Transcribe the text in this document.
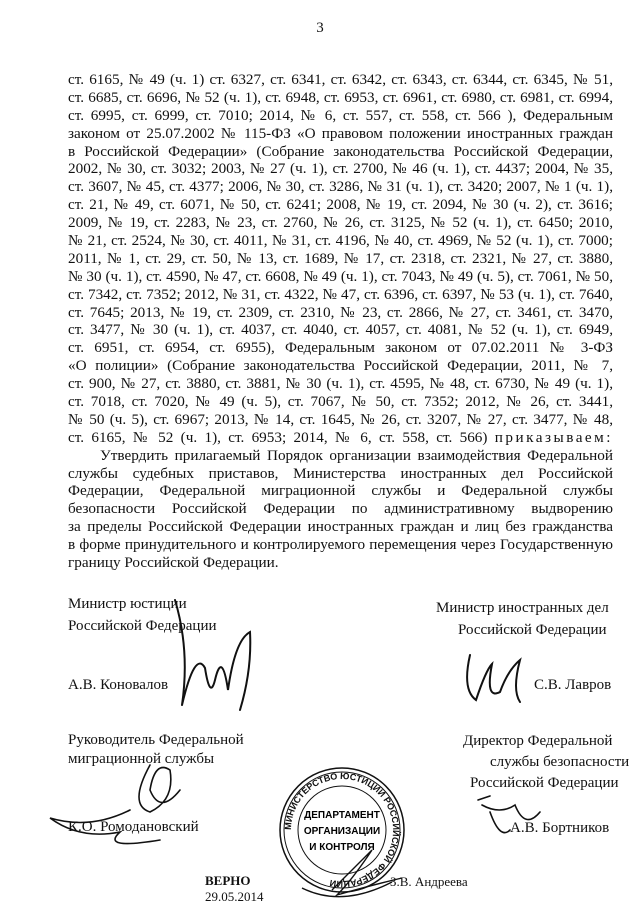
3
ст. 6165, № 49 (ч. 1) ст. 6327, ст. 6341, ст. 6342, ст. 6343, ст. 6344, ст. 6345, № 51,
ст. 6685, ст. 6696, № 52 (ч. 1), ст. 6948, ст. 6953, ст. 6961, ст. 6980, ст. 6981, ст. 6994,
ст. 6995, ст. 6999, ст. 7010; 2014, № 6, ст. 557, ст. 558, ст. 566 ), Федеральным
законом от 25.07.2002 № 115-ФЗ «О правовом положении иностранных граждан
в Российской Федерации» (Собрание законодательства Российской Федерации,
2002, № 30, ст. 3032; 2003, № 27 (ч. 1), ст. 2700, № 46 (ч. 1), ст. 4437; 2004, № 35,
ст. 3607, № 45, ст. 4377; 2006, № 30, ст. 3286, № 31 (ч. 1), ст. 3420; 2007, № 1 (ч. 1),
ст. 21, № 49, ст. 6071, № 50, ст. 6241; 2008, № 19, ст. 2094, № 30 (ч. 2), ст. 3616;
2009, № 19, ст. 2283, № 23, ст. 2760, № 26, ст. 3125, № 52 (ч. 1), ст. 6450; 2010,
№ 21, ст. 2524, № 30, ст. 4011, № 31, ст. 4196, № 40, ст. 4969, № 52 (ч. 1), ст. 7000;
2011, № 1, ст. 29, ст. 50, № 13, ст. 1689, № 17, ст. 2318, ст. 2321, № 27, ст. 3880,
№ 30 (ч. 1), ст. 4590, № 47, ст. 6608, № 49 (ч. 1), ст. 7043, № 49 (ч. 5), ст. 7061, № 50,
ст. 7342, ст. 7352; 2012, № 31, ст. 4322, № 47, ст. 6396, ст. 6397, № 53 (ч. 1), ст. 7640,
ст. 7645; 2013, № 19, ст. 2309, ст. 2310, № 23, ст. 2866, № 27, ст. 3461, ст. 3470,
ст. 3477, № 30 (ч. 1), ст. 4037, ст. 4040, ст. 4057, ст. 4081, № 52 (ч. 1), ст. 6949,
ст. 6951, ст. 6954, ст. 6955), Федеральным законом от 07.02.2011 № 3-ФЗ
«О полиции» (Собрание законодательства Российской Федерации, 2011, № 7,
ст. 900, № 27, ст. 3880, ст. 3881, № 30 (ч. 1), ст. 4595, № 48, ст. 6730, № 49 (ч. 1),
ст. 7018, ст. 7020, № 49 (ч. 5), ст. 7067, № 50, ст. 7352; 2012, № 26, ст. 3441,
№ 50 (ч. 5), ст. 6967; 2013, № 14, ст. 1645, № 26, ст. 3207, № 27, ст. 3477, № 48,
ст. 6165, № 52 (ч. 1), ст. 6953; 2014, № 6, ст. 558, ст. 566) приказываем:
Утвердить прилагаемый Порядок организации взаимодействия Федеральной
службы судебных приставов, Министерства иностранных дел Российской
Федерации, Федеральной миграционной службы и Федеральной службы
безопасности Российской Федерации по административному выдворению
за пределы Российской Федерации иностранных граждан и лиц без гражданства
в форме принудительного и контролируемого перемещения через Государственную
границу Российской Федерации.
Министр юстиции
Российской Федерации
А.В. Коновалов
Министр иностранных дел
Российской Федерации
С.В. Лавров
Руководитель Федеральной
миграционной службы
К.О. Ромодановский
Директор Федеральной
службы безопасности
Российской Федерации
А.В. Бортников
ВЕРНО
29.05.2014
З.В. Андреева
МИНИСТЕРСТВО ЮСТИЦИИ РОССИЙСКОЙ ФЕДЕРАЦИИ
ДЕПАРТАМЕНТ
ОРГАНИЗАЦИИ
И КОНТРОЛЯ
